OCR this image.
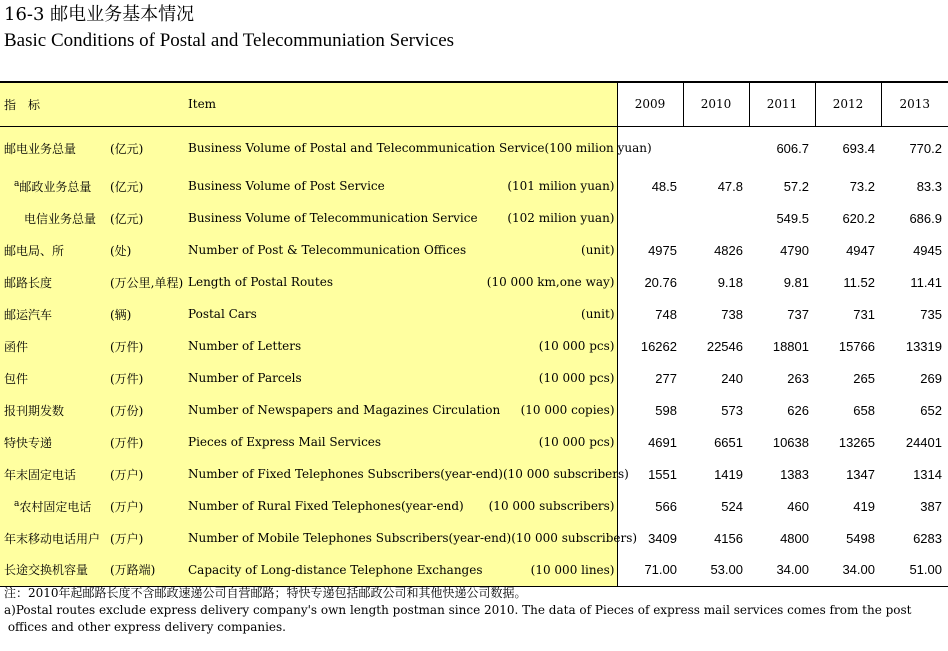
16-3 邮电业务基本情况
Basic Conditions of Postal and Telecommuniation Services
指　标		Item	2009	2010	2011	2012	2013
邮电业务总量	(亿元)	Business Volume of Postal and Telecommunication Service (100 milion yuan)			606.7	693.4	770.2
$^a$邮政业务总量	(亿元)	Business Volume of Post Service (101 milion yuan)	48.5	47.8	57.2	73.2	83.3
电信业务总量	(亿元)	Business Volume of Telecommunication Service (102 milion yuan)			549.5	620.2	686.9
邮电局、所	(处)	Number of Post & Telecommunication Offices (unit)	4975	4826	4790	4947	4945
邮路长度	(万公里,单程)	Length of Postal Routes (10 000 km,one way)	20.76	9.18	9.81	11.52	11.41
邮运汽车	(辆)	Postal Cars (unit)	748	738	737	731	735
函件	(万件)	Number of Letters (10 000 pcs)	16262	22546	18801	15766	13319
包件	(万件)	Number of Parcels (10 000 pcs)	277	240	263	265	269
报刊期发数	(万份)	Number of Newspapers and Magazines Circulation (10 000 copies)	598	573	626	658	652
特快专递	(万件)	Pieces of Express Mail Services (10 000 pcs)	4691	6651	10638	13265	24401
年末固定电话	(万户)	Number of Fixed Telephones Subscribers(year-end) (10 000 subscribers)	1551	1419	1383	1347	1314
$^a$农村固定电话	(万户)	Number of Rural Fixed Telephones(year-end) (10 000 subscribers)	566	524	460	419	387
年末移动电话用户	(万户)	Number of Mobile Telephones Subscribers(year-end) (10 000 subscribers)	3409	4156	4800	5498	6283
长途交换机容量	(万路端)	Capacity of Long-distance Telephone Exchanges (10 000 lines)	71.00	53.00	34.00	34.00	51.00
注：2010年起邮路长度不含邮政速递公司自营邮路；特快专递包括邮政公司和其他快递公司数据。
a)Postal routes exclude express delivery company's own length postman since 2010. The data of Pieces of express mail services comes from the post
offices and other express delivery companies.
